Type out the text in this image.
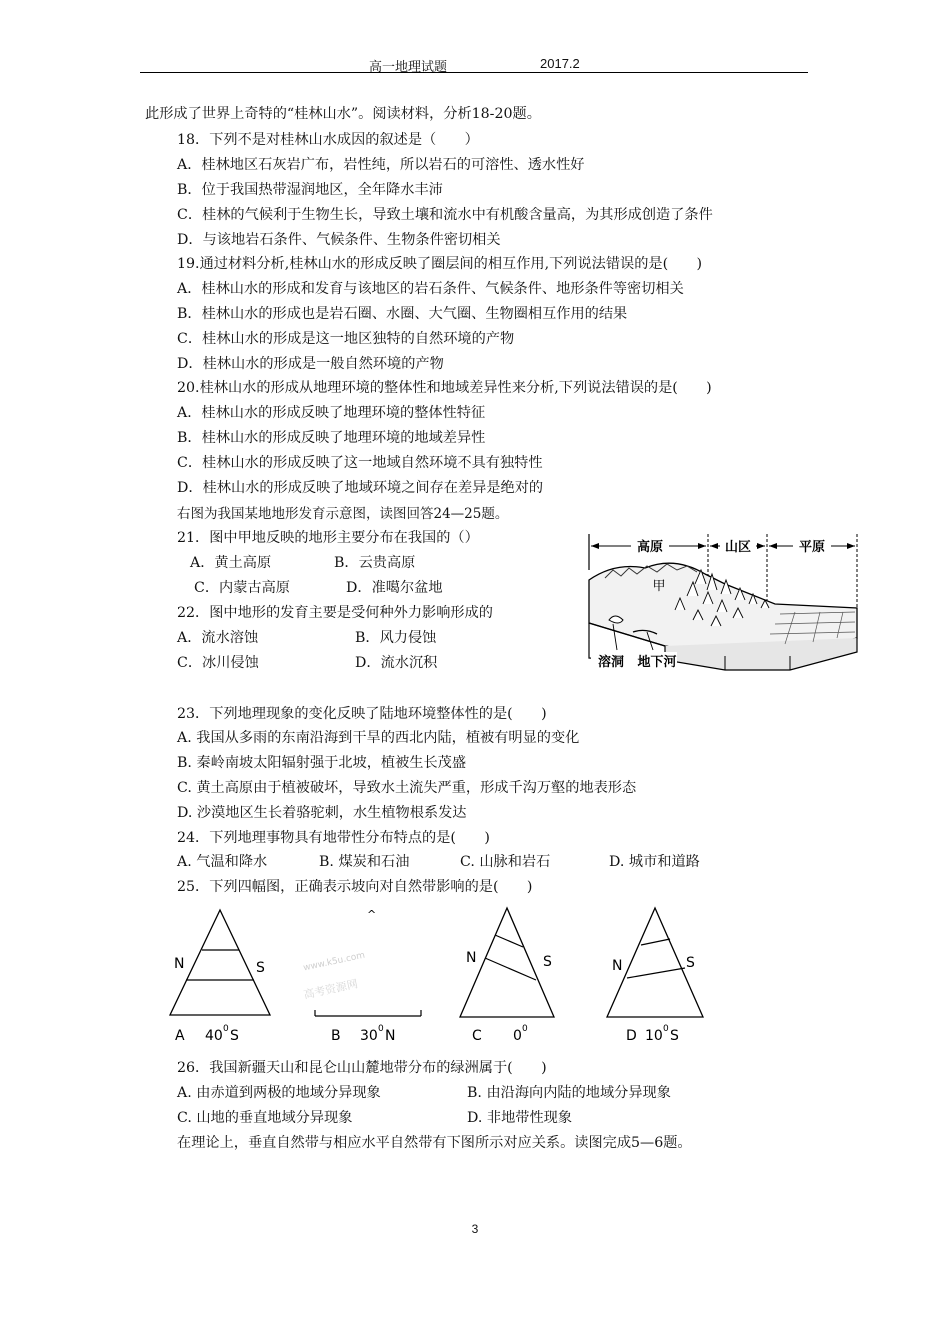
高一地理试题	2017.2
此形成了世界上奇特的“桂林山水”。阅读材料，分析18-20题。
18．下列不是对桂林山水成因的叙述是（　　）
A．桂林地区石灰岩广布，岩性纯，所以岩石的可溶性、透水性好
B．位于我国热带湿润地区，全年降水丰沛
C．桂林的气候利于生物生长，导致土壤和流水中有机酸含量高，为其形成创造了条件
D．与该地岩石条件、气候条件、生物条件密切相关
19.通过材料分析,桂林山水的形成反映了圈层间的相互作用,下列说法错误的是(　　)
A．桂林山水的形成和发育与该地区的岩石条件、气候条件、地形条件等密切相关
B．桂林山水的形成也是岩石圈、水圈、大气圈、生物圈相互作用的结果
C．桂林山水的形成是这一地区独特的自然环境的产物
D．桂林山水的形成是一般自然环境的产物
20.桂林山水的形成从地理环境的整体性和地域差异性来分析,下列说法错误的是(　　)
A．桂林山水的形成反映了地理环境的整体性特征
B．桂林山水的形成反映了地理环境的地域差异性
C．桂林山水的形成反映了这一地域自然环境不具有独特性
D．桂林山水的形成反映了地域环境之间存在差异是绝对的
右图为我国某地地形发育示意图，读图回答24—25题。
21．图中甲地反映的地形主要分布在我国的（）
A．黄土高原	B．云贵高原
C．内蒙古高原	D．准噶尔盆地
22．图中地形的发育主要是受何种外力影响形成的
A．流水溶蚀	B．风力侵蚀
C．冰川侵蚀	D．流水沉积
高原	山区	平原
甲
溶洞 地下河
23．下列地理现象的变化反映了陆地环境整体性的是(　　)
A. 我国从多雨的东南沿海到干旱的西北内陆，植被有明显的变化
B. 秦岭南坡太阳辐射强于北坡，植被生长茂盛
C. 黄土高原由于植被破坏，导致水土流失严重，形成千沟万壑的地表形态
D. 沙漠地区生长着骆驼刺，水生植物根系发达
24．下列地理事物具有地带性分布特点的是(　　)
A. 气温和降水	B. 煤炭和石油	C. 山脉和岩石	D. 城市和道路
25．下列四幅图，正确表示坡向对自然带影响的是(　　)
N	S
A 40 0 S
^
www.k5u.com
高考资源网
B 30 0 N
N	S
C 0 0
N	S
D 10 0 S
26．我国新疆天山和昆仑山山麓地带分布的绿洲属于(　　)
A. 由赤道到两极的地域分异现象	B. 由沿海向内陆的地域分异现象
C. 山地的垂直地域分异现象	D. 非地带性现象
在理论上，垂直自然带与相应水平自然带有下图所示对应关系。读图完成5—6题。
3
